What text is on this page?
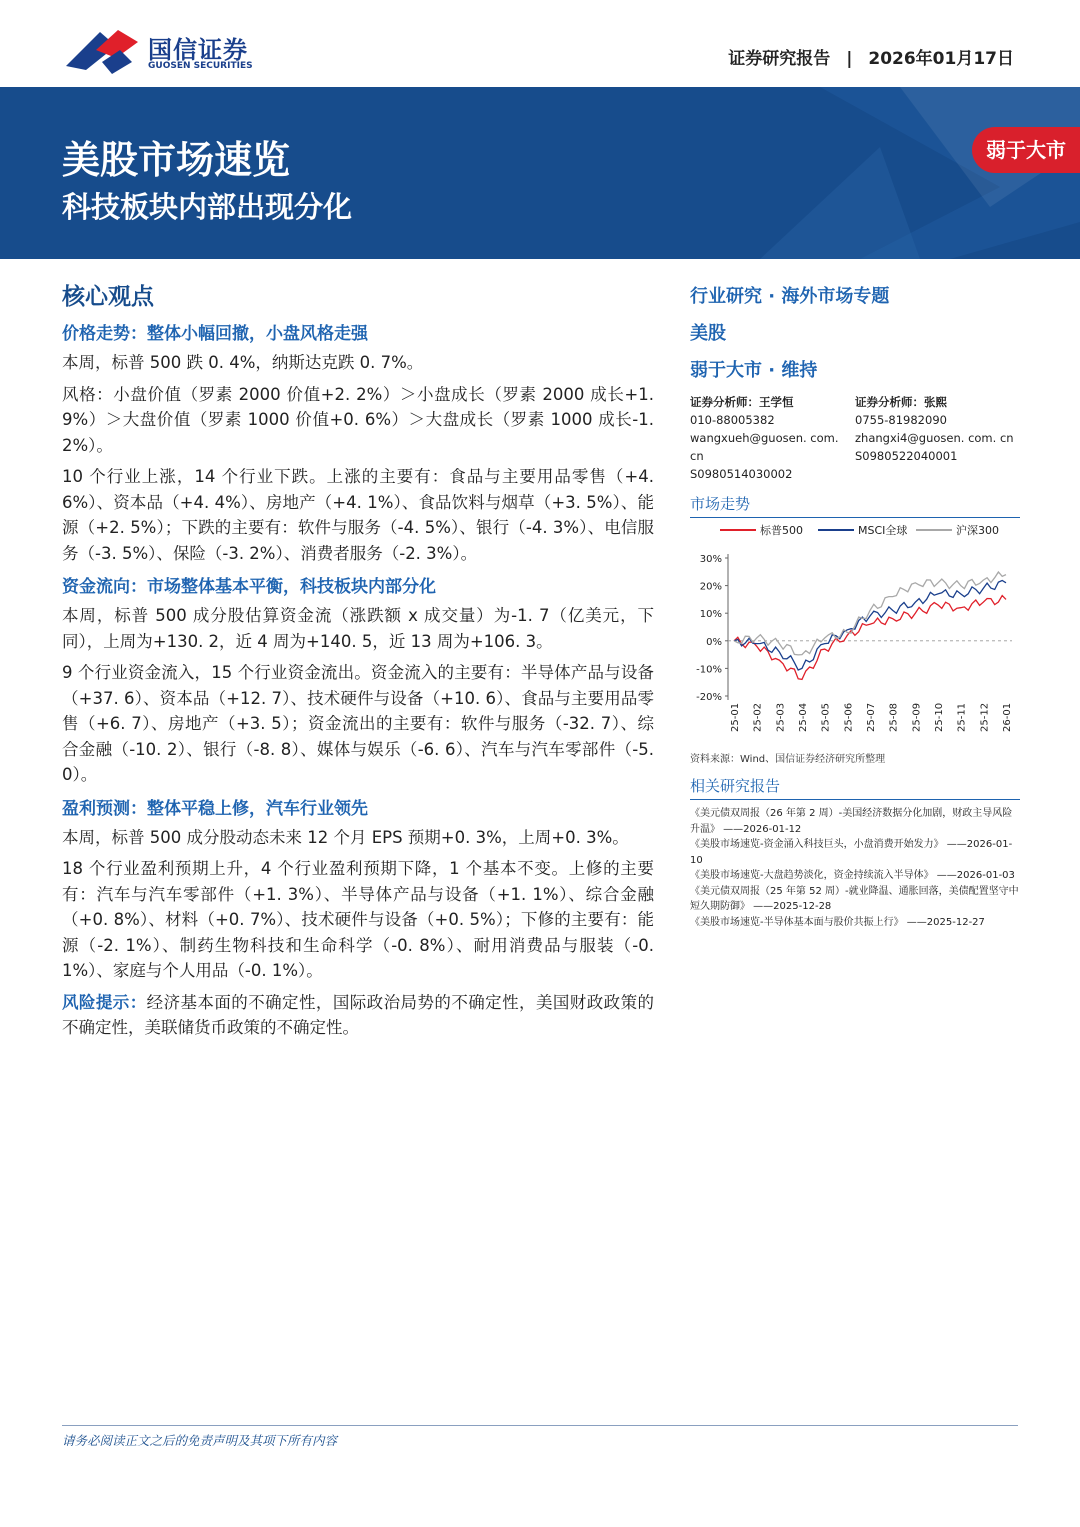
国信证券
GUOSEN SECURITIES	证券研究报告 | 2026年01月17日
美股市场速览
科技板块内部出现分化
弱于大市
核心观点
价格走势：整体小幅回撤，小盘风格走强
本周，标普 500 跌 0. 4%，纳斯达克跌 0. 7%。
风格：小盘价值（罗素 2000 价值+2. 2%）＞小盘成长（罗素 2000 成长+1. 9%）＞大盘价值（罗素 1000 价值+0. 6%）＞大盘成长（罗素 1000 成长-1. 2%）。
10 个行业上涨，14 个行业下跌。上涨的主要有：食品与主要用品零售（+4. 6%）、资本品（+4. 4%）、房地产（+4. 1%）、食品饮料与烟草（+3. 5%）、能源（+2. 5%）；下跌的主要有：软件与服务（-4. 5%）、银行（-4. 3%）、电信服务（-3. 5%）、保险（-3. 2%）、消费者服务（-2. 3%）。
资金流向：市场整体基本平衡，科技板块内部分化
本周，标普 500 成分股估算资金流（涨跌额 x 成交量）为-1. 7（亿美元，下同），上周为+130. 2，近 4 周为+140. 5，近 13 周为+106. 3。
9 个行业资金流入，15 个行业资金流出。资金流入的主要有：半导体产品与设备（+37. 6）、资本品（+12. 7）、技术硬件与设备（+10. 6）、食品与主要用品零售（+6. 7）、房地产（+3. 5）；资金流出的主要有：软件与服务（-32. 7）、综合金融（-10. 2）、银行（-8. 8）、媒体与娱乐（-6. 6）、汽车与汽车零部件（-5. 0）。
盈利预测：整体平稳上修，汽车行业领先
本周，标普 500 成分股动态未来 12 个月 EPS 预期+0. 3%，上周+0. 3%。
18 个行业盈利预期上升，4 个行业盈利预期下降，1 个基本不变。上修的主要有：汽车与汽车零部件（+1. 3%）、半导体产品与设备（+1. 1%）、综合金融（+0. 8%）、材料（+0. 7%）、技术硬件与设备（+0. 5%）；下修的主要有：能源（-2. 1%）、制药生物科技和生命科学（-0. 8%）、耐用消费品与服装（-0. 1%）、家庭与个人用品（-0. 1%）。
风险提示：经济基本面的不确定性，国际政治局势的不确定性，美国财政政策的不确定性，美联储货币政策的不确定性。
行业研究 · 海外市场专题
美股
弱于大市 · 维持
证券分析师：王学恒
010-88005382
wangxueh@guosen. com. cn
S0980514030002
证券分析师：张熙
0755-81982090
zhangxi4@guosen. com. cn
S0980522040001
市场走势
标普500	MSCI全球	沪深300
30%
20%
10%
0%
-10%
-20%
25-01 25-02 25-03 25-04 25-05 25-06 25-07 25-08 25-09 25-10 25-11 25-12 26-01
资料来源：Wind、国信证券经济研究所整理
相关研究报告
《美元债双周报（26 年第 2 周）-美国经济数据分化加剧，财政主导风险升温》 ——2026-01-12
《美股市场速览-资金涌入科技巨头，小盘消费开始发力》 ——2026-01-10
《美股市场速览-大盘趋势淡化，资金持续流入半导体》 ——2026-01-03
《美元债双周报（25 年第 52 周）-就业降温、通胀回落，美债配置坚守中短久期防御》 ——2025-12-28
《美股市场速览-半导体基本面与股价共振上行》 ——2025-12-27
请务必阅读正文之后的免责声明及其项下所有内容
